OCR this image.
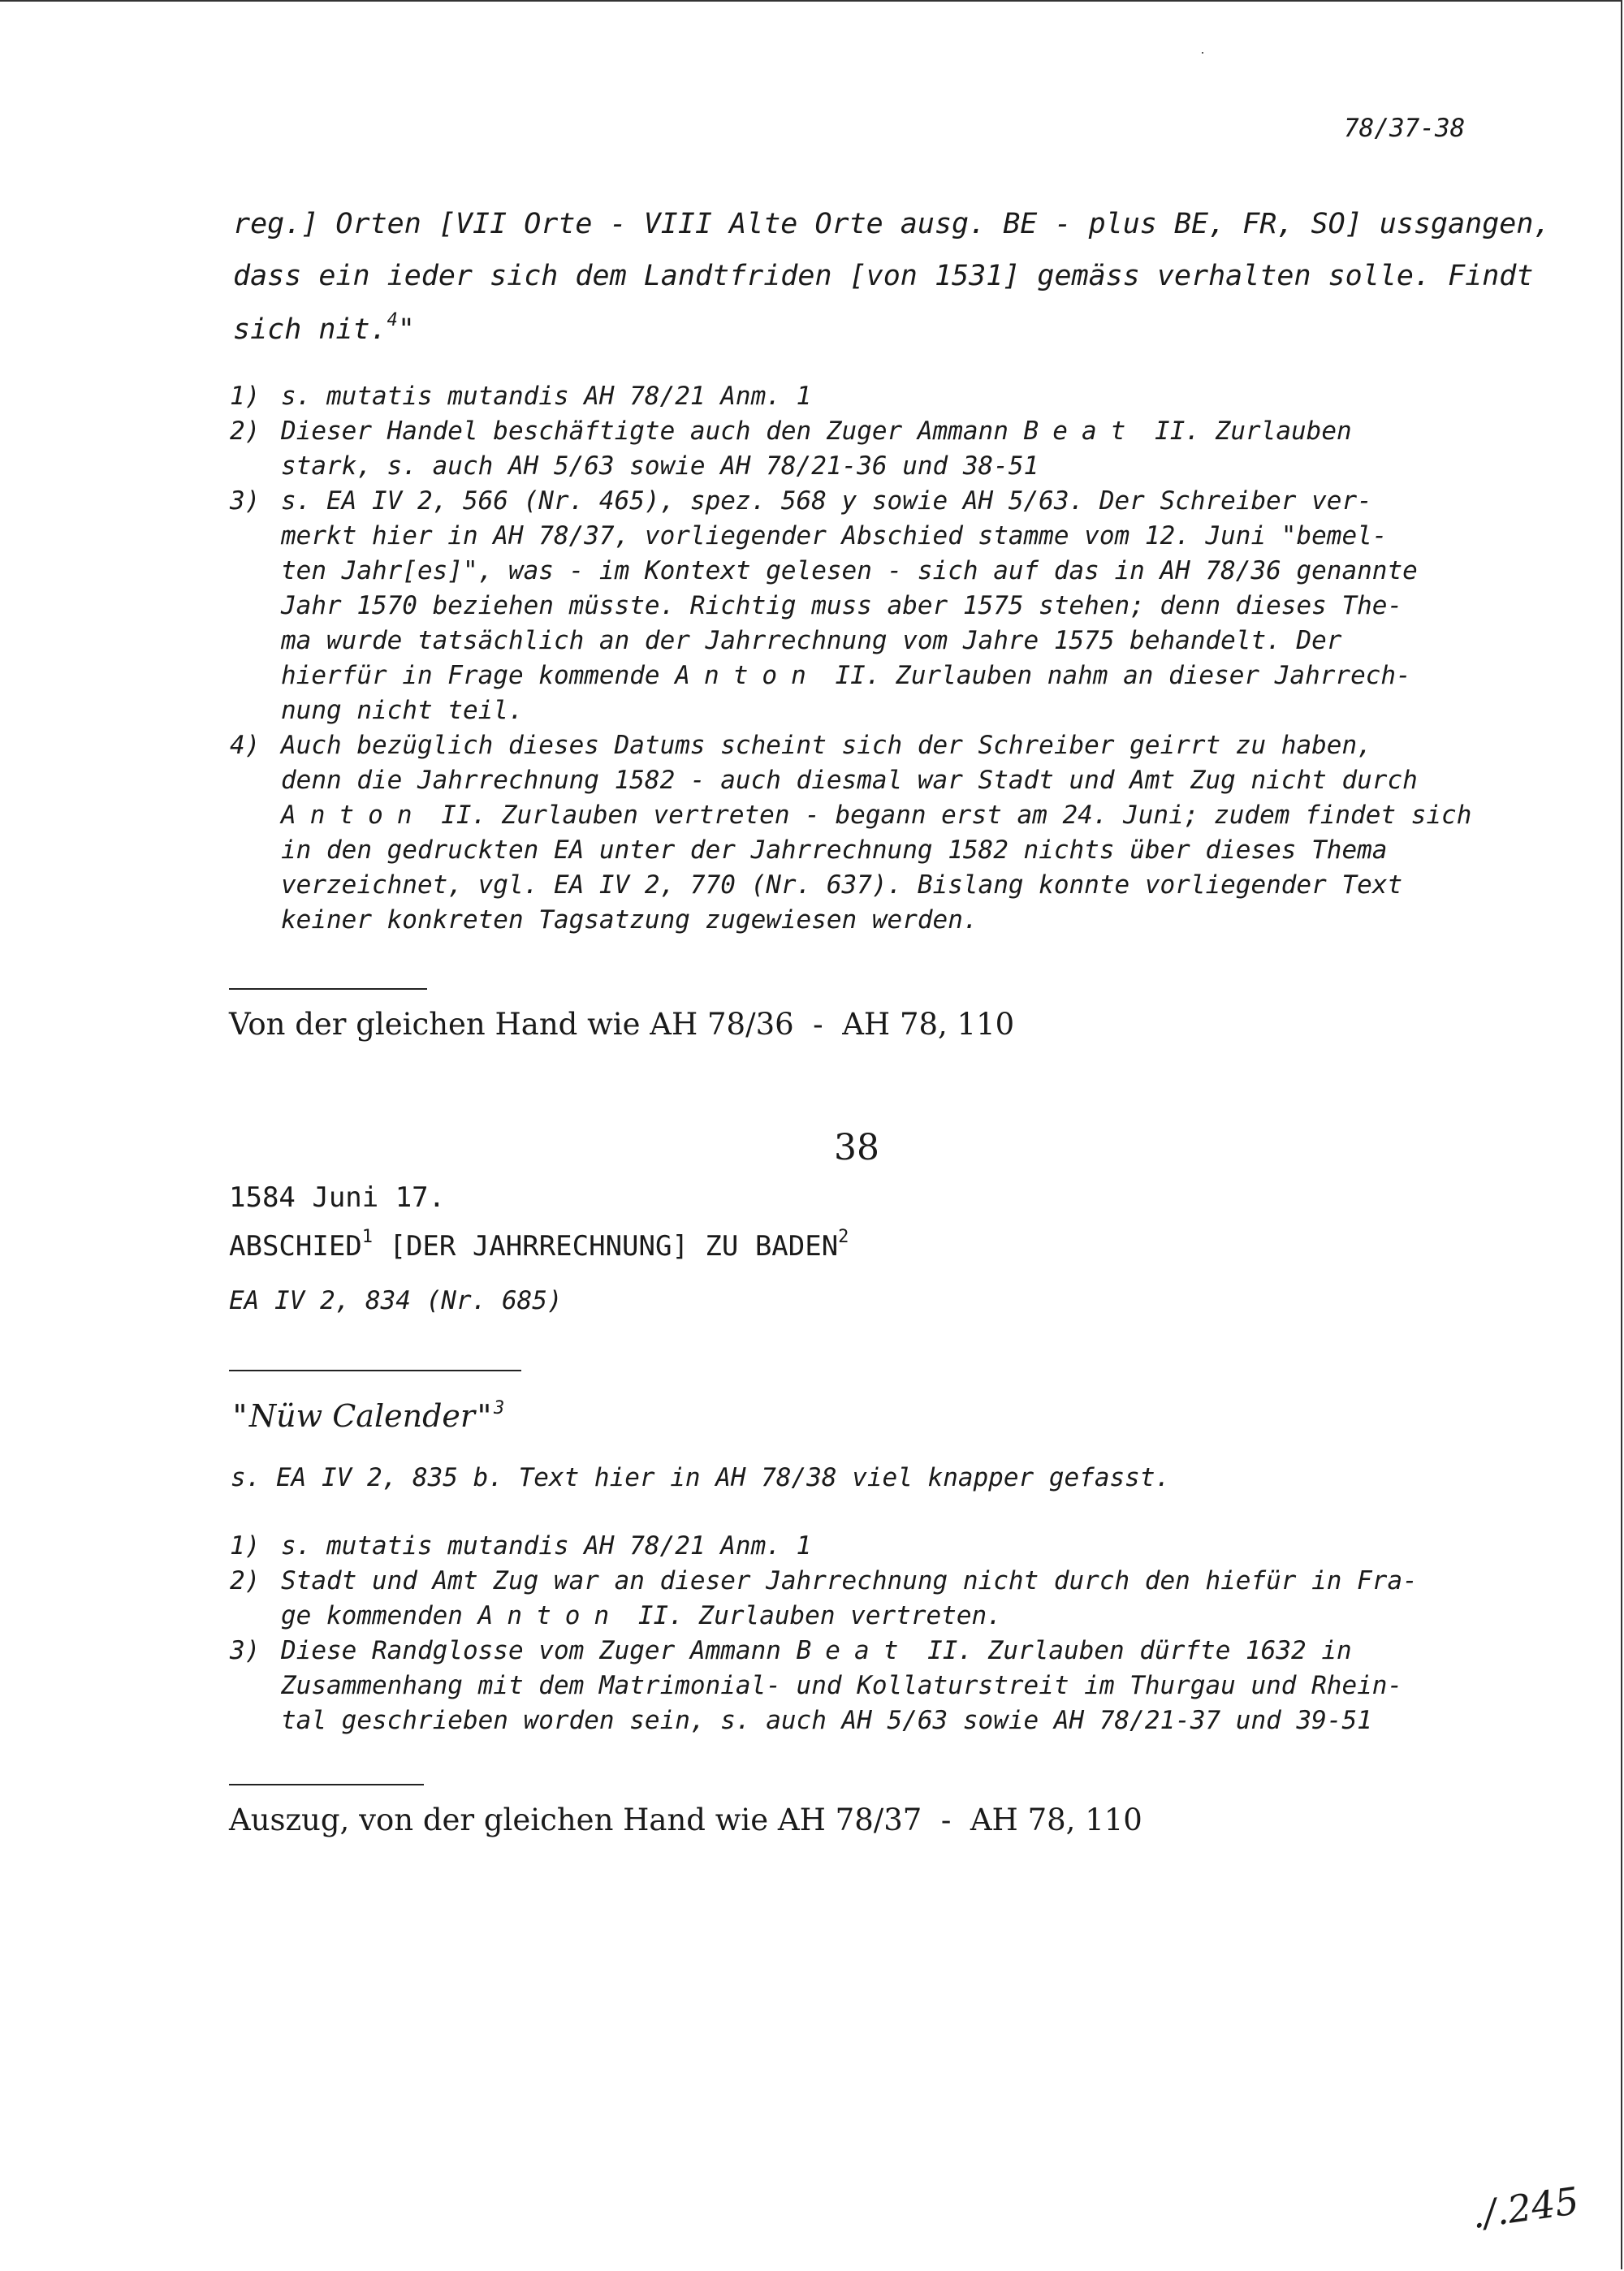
78/37-38
reg.] Orten [VII Orte - VIII Alte Orte ausg. BE - plus BE, FR, SO] ussgangen,
dass ein ieder sich dem Landtfriden [von 1531] gemäss verhalten solle. Findt
sich nit.$^4$"
1) s. mutatis mutandis AH 78/21 Anm. 1
2) Dieser Handel beschäftigte auch den Zuger Ammann Beat II. Zurlauben
stark, s. auch AH 5/63 sowie AH 78/21-36 und 38-51
3) s. EA IV 2, 566 (Nr. 465), spez. 568 y sowie AH 5/63. Der Schreiber ver-
merkt hier in AH 78/37, vorliegender Abschied stamme vom 12. Juni "bemel-
ten Jahr[es]", was - im Kontext gelesen - sich auf das in AH 78/36 genannte
Jahr 1570 beziehen müsste. Richtig muss aber 1575 stehen; denn dieses The-
ma wurde tatsächlich an der Jahrrechnung vom Jahre 1575 behandelt. Der
hierfür in Frage kommende Anton II. Zurlauben nahm an dieser Jahrrech-
nung nicht teil.
4) Auch bezüglich dieses Datums scheint sich der Schreiber geirrt zu haben,
denn die Jahrrechnung 1582 - auch diesmal war Stadt und Amt Zug nicht durch
Anton II. Zurlauben vertreten - begann erst am 24. Juni; zudem findet sich
in den gedruckten EA unter der Jahrrechnung 1582 nichts über dieses Thema
verzeichnet, vgl. EA IV 2, 770 (Nr. 637). Bislang konnte vorliegender Text
keiner konkreten Tagsatzung zugewiesen werden.
Von der gleichen Hand wie AH 78/36  -  AH 78, 110
38
1584 Juni 17.
ABSCHIED$^1$ [DER JAHRRECHNUNG] ZU BADEN$^2$
EA IV 2, 834 (Nr. 685)
"Nüw Calender"$^3$
s. EA IV 2, 835 b. Text hier in AH 78/38 viel knapper gefasst.
1) s. mutatis mutandis AH 78/21 Anm. 1
2) Stadt und Amt Zug war an dieser Jahrrechnung nicht durch den hiefür in Fra-
ge kommenden Anton II. Zurlauben vertreten.
3) Diese Randglosse vom Zuger Ammann Beat II. Zurlauben dürfte 1632 in
Zusammenhang mit dem Matrimonial- und Kollaturstreit im Thurgau und Rhein-
tal geschrieben worden sein, s. auch AH 5/63 sowie AH 78/21-37 und 39-51
Auszug, von der gleichen Hand wie AH 78/37  -  AH 78, 110
./.245
